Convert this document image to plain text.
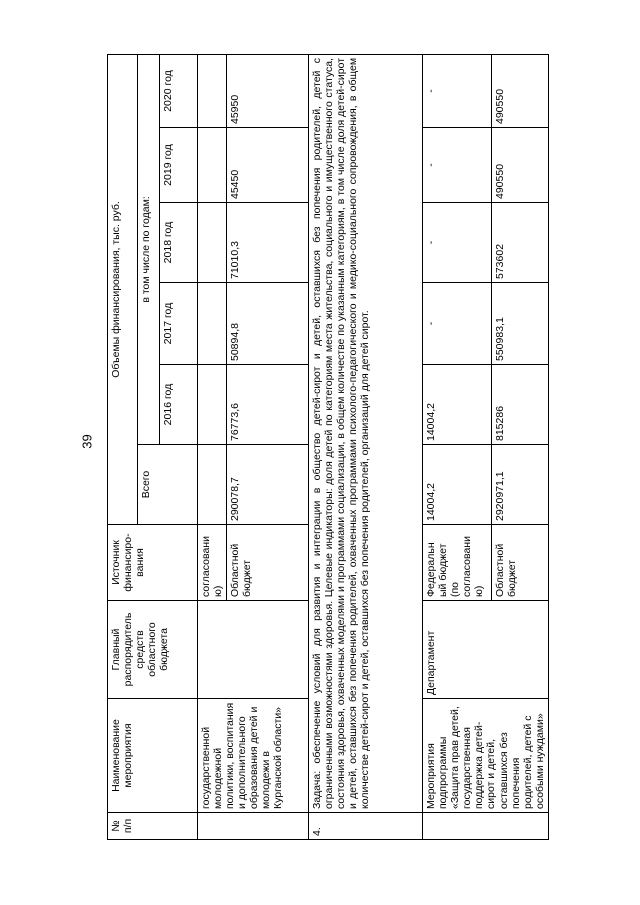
39
№ п/п	Наименование мероприятия	Главный распорядитель средств областного бюджета	Источник финансиро-вания	Объемы финансирования, тыс. руб.					
				Всего	в том числе по годам:				
					2016 год	2017 год	2018 год	2019 год	2020 год
	государственной молодежной политики, воспитания и дополнительного образования детей и молодежи в Курганской области»		согласовани ю)						
			Областной бюджет	290078,7	76773,6	50894,8	71010,3	45450	45950
4.	Задача: обеспечение условий для развития и интеграции в общество детей-сирот и детей, оставшихся без попечения родителей, детей с ограниченными возможностями здоровья. Целевые индикаторы: доля детей по категориям места жительства, социального и имущественного статуса, состояния здоровья, охваченных моделями и программами социализации, в общем количестве по указанным категориям, в том числе доля детей-сирот и детей, оставшихся без попечения родителей, охваченных программами психолого-педагогического и медико-социального сопровождения, в общем количестве детей-сирот и детей, оставшихся без попечения родителей, организаций для детей сирот.								
	Мероприятия подпрограммы «Защита прав детей, государственная поддержка детей-сирот и детей, оставшихся без попечения родителей, детей с особыми нуждами»	Департамент	Федеральн ый бюджет (по согласовани ю)	14004,2	14004,2	-	-	-	-
			Областной бюджет	2920971,1	815286	550983,1	573602	490550	490550
